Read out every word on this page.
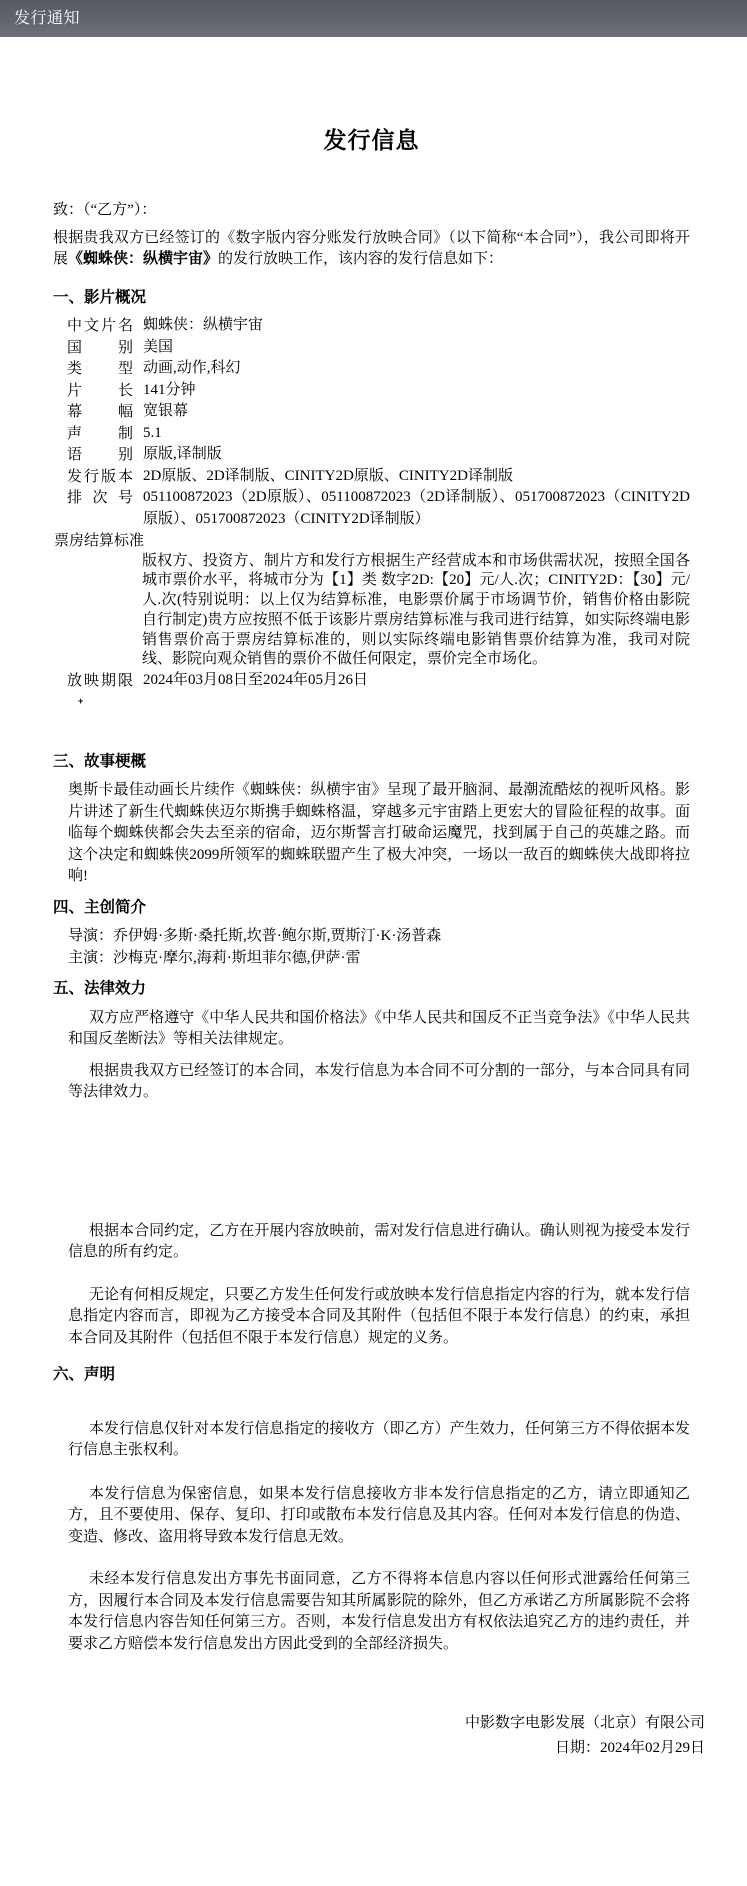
发行通知
发行信息

致：（“乙方”）：

根据贵我双方已经签订的《数字版内容分账发行放映合同》（以下简称“本合同”），我公司即将开展《蜘蛛侠：纵横宇宙》的发行放映工作，该内容的发行信息如下：

一、影片概况
中文片名 蜘蛛侠：纵横宇宙
国别 美国
类型 动画,动作,科幻
片长 141分钟
幕幅 宽银幕
声制 5.1
语别 原版,译制版
发行版本 2D原版、2D译制版、CINITY2D原版、CINITY2D译制版
排次号 051100872023（2D原版）、051100872023（2D译制版）、051700872023（CINITY2D原版）、051700872023（CINITY2D译制版）
票房结算标准

版权方、投资方、制片方和发行方根据生产经营成本和市场供需状况，按照全国各城市票价水平，将城市分为【1】类 数字2D:【20】元/人.次；CINITY2D：【30】元/人.次(特别说明：以上仅为结算标准，电影票价属于市场调节价，销售价格由影院自行制定)贵方应按照不低于该影片票房结算标准与我司进行结算，如实际终端电影销售票价高于票房结算标准的，则以实际终端电影销售票价结算为准，我司对院线、影院向观众销售的票价不做任何限定，票价完全市场化。

放映期限 2024年03月08日至2024年05月26日
+
三、故事梗概

奥斯卡最佳动画长片续作《蜘蛛侠：纵横宇宙》呈现了最开脑洞、最潮流酷炫的视听风格。影片讲述了新生代蜘蛛侠迈尔斯携手蜘蛛格温，穿越多元宇宙踏上更宏大的冒险征程的故事。面临每个蜘蛛侠都会失去至亲的宿命，迈尔斯誓言打破命运魔咒，找到属于自己的英雄之路。而这个决定和蜘蛛侠2099所领军的蜘蛛联盟产生了极大冲突，一场以一敌百的蜘蛛侠大战即将拉响!

四、主创简介
导演：乔伊姆·多斯·桑托斯,坎普·鲍尔斯,贾斯汀·K·汤普森
主演：沙梅克·摩尔,海莉·斯坦菲尔德,伊萨·雷
五、法律效力

双方应严格遵守《中华人民共和国价格法》《中华人民共和国反不正当竞争法》《中华人民共和国反垄断法》等相关法律规定。

根据贵我双方已经签订的本合同，本发行信息为本合同不可分割的一部分，与本合同具有同等法律效力。

根据本合同约定，乙方在开展内容放映前，需对发行信息进行确认。确认则视为接受本发行信息的所有约定。

无论有何相反规定，只要乙方发生任何发行或放映本发行信息指定内容的行为，就本发行信息指定内容而言，即视为乙方接受本合同及其附件（包括但不限于本发行信息）的约束，承担本合同及其附件（包括但不限于本发行信息）规定的义务。

六、声明

本发行信息仅针对本发行信息指定的接收方（即乙方）产生效力，任何第三方不得依据本发行信息主张权利。

本发行信息为保密信息，如果本发行信息接收方非本发行信息指定的乙方，请立即通知乙方，且不要使用、保存、复印、打印或散布本发行信息及其内容。任何对本发行信息的伪造、变造、修改、盗用将导致本发行信息无效。

未经本发行信息发出方事先书面同意，乙方不得将本信息内容以任何形式泄露给任何第三方，因履行本合同及本发行信息需要告知其所属影院的除外，但乙方承诺乙方所属影院不会将本发行信息内容告知任何第三方。否则，本发行信息发出方有权依法追究乙方的违约责任，并要求乙方赔偿本发行信息发出方因此受到的全部经济损失。

中影数字电影发展（北京）有限公司
日期：2024年02月29日
